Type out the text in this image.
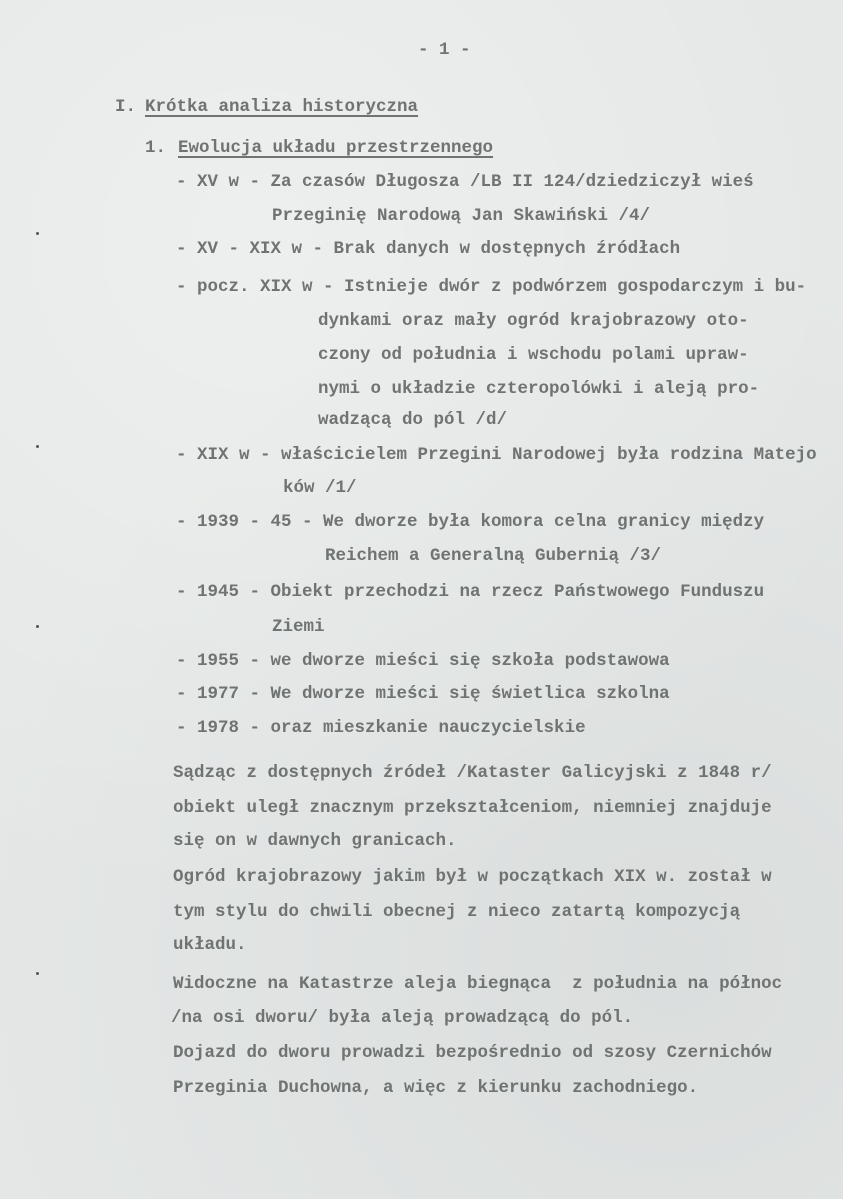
- 1 -
I. Krótka analiza historyczna
1. Ewolucja układu przestrzennego
- XV w - Za czasów Długosza /LB II 124/dziedziczył wieś
Przeginię Narodową Jan Skawiński /4/
- XV - XIX w - Brak danych w dostępnych źródłach
- pocz. XIX w - Istnieje dwór z podwórzem gospodarczym i bu-
dynkami oraz mały ogród krajobrazowy oto-
czony od południa i wschodu polami upraw-
nymi o układzie czteropolówki i aleją pro-
wadzącą do pól /d/
- XIX w - właścicielem Przegini Narodowej była rodzina Matejo
ków /1/
- 1939 - 45 - We dworze była komora celna granicy między
Reichem a Generalną Gubernią /3/
- 1945 - Obiekt przechodzi na rzecz Państwowego Funduszu
Ziemi
- 1955 - we dworze mieści się szkoła podstawowa
- 1977 - We dworze mieści się świetlica szkolna
- 1978 - oraz mieszkanie nauczycielskie
Sądząc z dostępnych źródeł /Kataster Galicyjski z 1848 r/
obiekt uległ znacznym przekształceniom, niemniej znajduje
się on w dawnych granicach.
Ogród krajobrazowy jakim był w początkach XIX w. został w
tym stylu do chwili obecnej z nieco zatartą kompozycją
układu.
Widoczne na Katastrze aleja biegnąca  z południa na północ
/na osi dworu/ była aleją prowadzącą do pól.
Dojazd do dworu prowadzi bezpośrednio od szosy Czernichów
Przeginia Duchowna, a więc z kierunku zachodniego.
